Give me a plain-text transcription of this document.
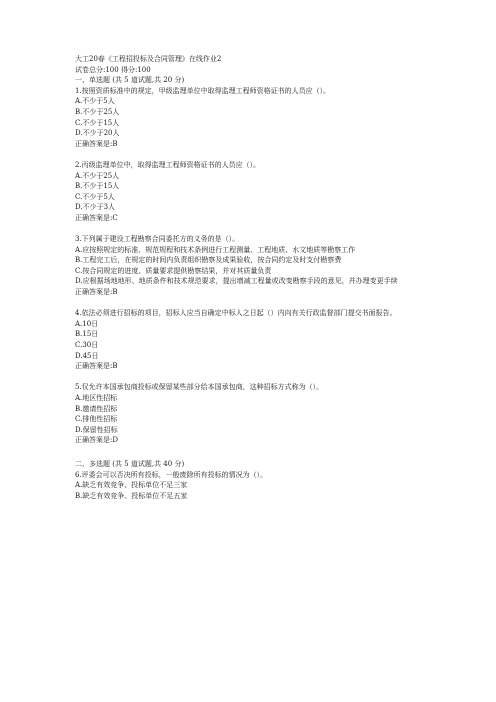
大工20春《工程招投标及合同管理》在线作业2
试卷总分:100 得分:100
一、单选题 (共 5 道试题,共 20 分)
1.按照资质标准中的规定，甲级监理单位中取得监理工程师资格证书的人员应（）。
A.不少于5人
B.不少于25人
C.不少于15人
D.不少于20人
正确答案是:B
2.丙级监理单位中，取得监理工程师资格证书的人员应（）。
A.不少于25人
B.不少于15人
C.不少于5人
D.不少于3人
正确答案是:C
3.下列属于建设工程勘察合同委托方的义务的是（）。
A.应按照规定的标准、规范规程和技术条例进行工程测量、工程地质、水文地质等勘察工作
B.工程完工后，在规定的时间内负责组织勘察及成果验收，按合同约定及时支付勘察费
C.按合同规定的进度、质量要求提供勘察结果，并对其质量负责
D.应根据场地地形、地质条件和技术规范要求，提出增减工程量或改变勘察手段的意见，并办理变更手续
正确答案是:B
4.依法必须进行招标的项目，招标人应当自确定中标人之日起（）内向有关行政监督部门提交书面报告。
A.10日
B.15日
C.30日
D.45日
正确答案是:B
5.仅允许本国承包商投标或保留某些部分给本国承包商，这种招标方式称为（）。
A.地区性招标
B.邀请性招标
C.排他性招标
D.保留性招标
正确答案是:D
二、多选题 (共 5 道试题,共 40 分)
6.评委会可以否决所有投标，一般废除所有投标的情况为（）。
A.缺乏有效竞争、投标单位不足三家
B.缺乏有效竞争、投标单位不足五家
